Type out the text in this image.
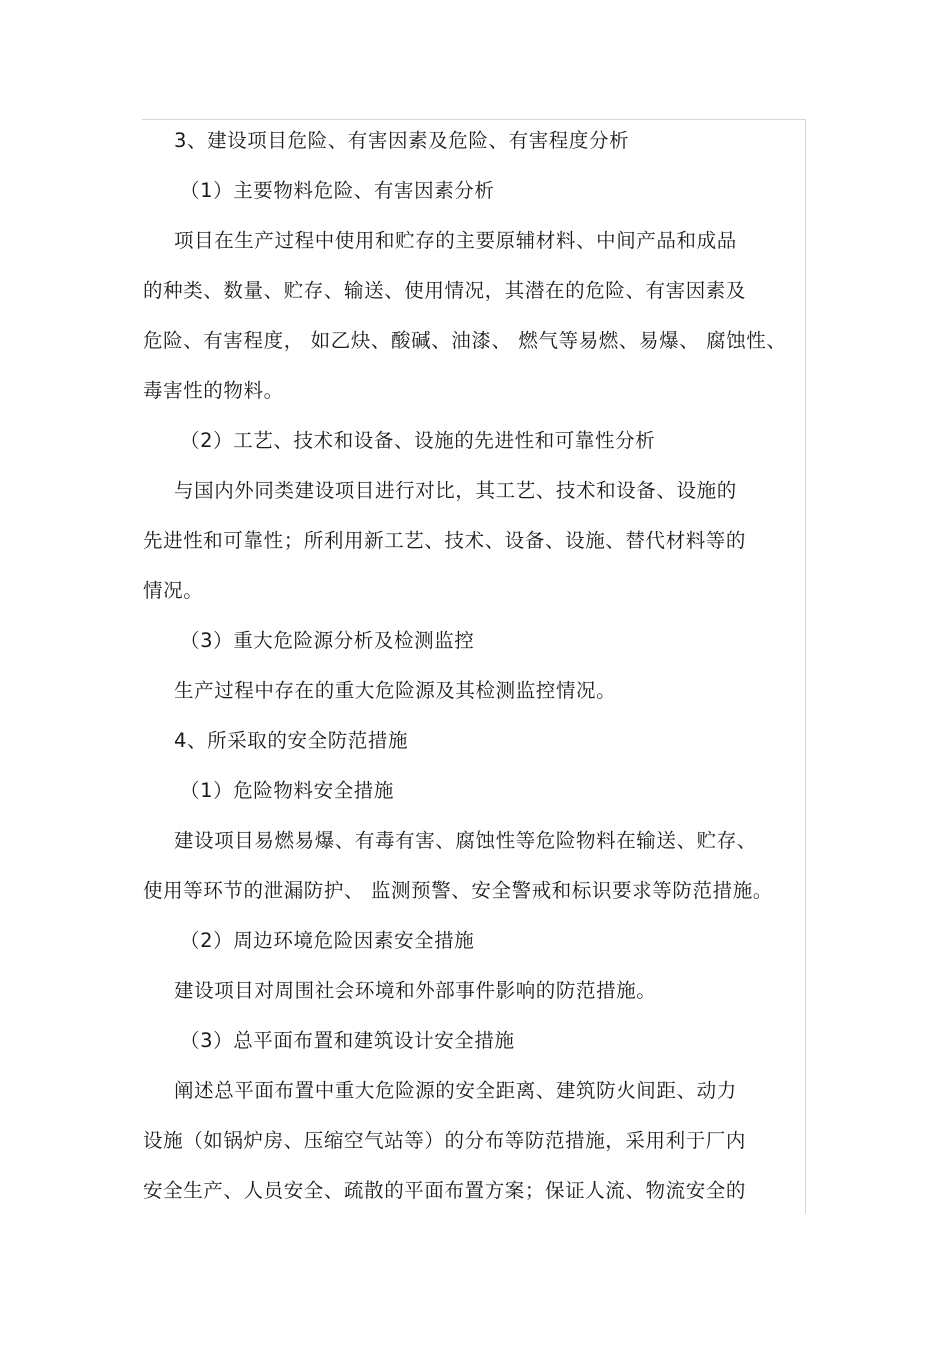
3、建设项目危险、有害因素及危险、有害程度分析
（1）主要物料危险、有害因素分析
项目在生产过程中使用和贮存的主要原辅材料、中间产品和成品
的种类、数量、贮存、输送、使用情况，其潜在的危险、有害因素及
危险、有害程度， 如乙炔、酸碱、油漆、 燃气等易燃、易爆、 腐蚀性、
毒害性的物料。
（2）工艺、技术和设备、设施的先进性和可靠性分析
与国内外同类建设项目进行对比，其工艺、技术和设备、设施的
先进性和可靠性；所利用新工艺、技术、设备、设施、替代材料等的
情况。
（3）重大危险源分析及检测监控
生产过程中存在的重大危险源及其检测监控情况。
4、所采取的安全防范措施
（1）危险物料安全措施
建设项目易燃易爆、有毒有害、腐蚀性等危险物料在输送、贮存、
使用等环节的泄漏防护、 监测预警、安全警戒和标识要求等防范措施。
（2）周边环境危险因素安全措施
建设项目对周围社会环境和外部事件影响的防范措施。
（3）总平面布置和建筑设计安全措施
阐述总平面布置中重大危险源的安全距离、建筑防火间距、动力
设施（如锅炉房、压缩空气站等）的分布等防范措施，采用利于厂内
安全生产、人员安全、疏散的平面布置方案；保证人流、物流安全的
